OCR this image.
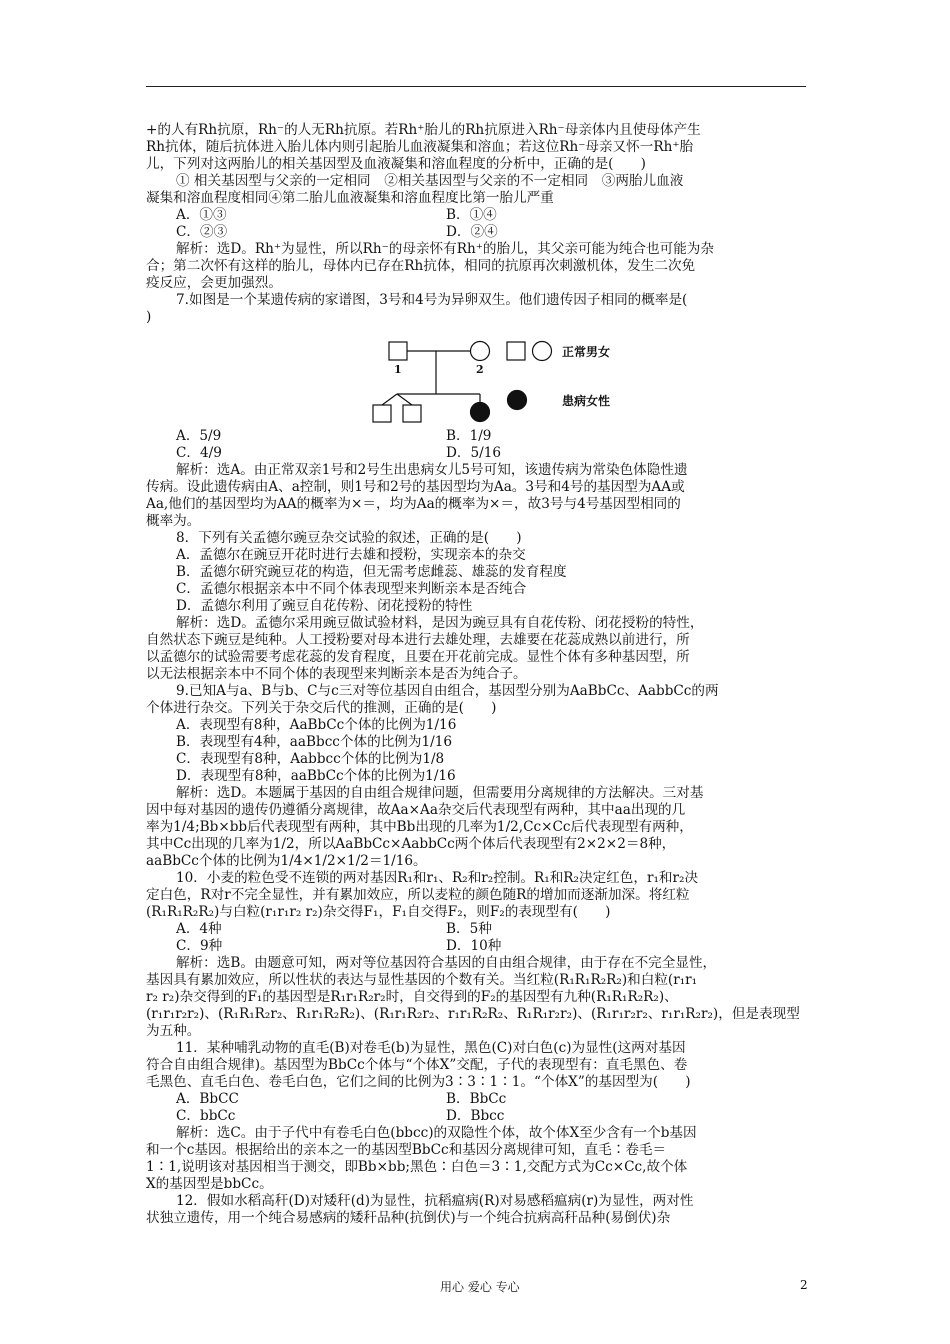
+的人有Rh抗原，Rh⁻的人无Rh抗原。若Rh⁺胎儿的Rh抗原进入Rh⁻母亲体内且使母体产生

Rh抗体，随后抗体进入胎儿体内则引起胎儿血液凝集和溶血；若这位Rh⁻母亲又怀一Rh⁺胎

儿，下列对这两胎儿的相关基因型及血液凝集和溶血程度的分析中，正确的是(　　)

① 相关基因型与父亲的一定相同　②相关基因型与父亲的不一定相同　③两胎儿血液

凝集和溶血程度相同④第二胎儿血液凝集和溶血程度比第一胎儿严重

A．①③	B．①④

C．②③	D．②④

解析：选D。Rh⁺为显性，所以Rh⁻的母亲怀有Rh⁺的胎儿，其父亲可能为纯合也可能为杂

合；第二次怀有这样的胎儿，母体内已存在Rh抗体，相同的抗原再次刺激机体，发生二次免

疫反应，会更加强烈。

7.如图是一个某遗传病的家谱图，3号和4号为异卵双生。他们遗传因子相同的概率是(

)

1	2
正常男女
患病女性

A．5/9	B．1/9

C．4/9	D．5/16

解析：选A。由正常双亲1号和2号生出患病女儿5号可知，该遗传病为常染色体隐性遗

传病。设此遗传病由A、a控制，则1号和2号的基因型均为Aa。3号和4号的基因型为AA或

Aa,他们的基因型均为AA的概率为×＝，均为Aa的概率为×＝，故3号与4号基因型相同的

概率为。

8．下列有关孟德尔豌豆杂交试验的叙述，正确的是(　　)

A．孟德尔在豌豆开花时进行去雄和授粉，实现亲本的杂交

B．孟德尔研究豌豆花的构造，但无需考虑雌蕊、雄蕊的发育程度

C．孟德尔根据亲本中不同个体表现型来判断亲本是否纯合

D．孟德尔利用了豌豆自花传粉、闭花授粉的特性

解析：选D。孟德尔采用豌豆做试验材料，是因为豌豆具有自花传粉、闭花授粉的特性，

自然状态下豌豆是纯种。人工授粉要对母本进行去雄处理，去雄要在花蕊成熟以前进行，所

以孟德尔的试验需要考虑花蕊的发育程度，且要在开花前完成。显性个体有多种基因型，所

以无法根据亲本中不同个体的表现型来判断亲本是否为纯合子。

9.已知A与a、B与b、C与c三对等位基因自由组合，基因型分别为AaBbCc、AabbCc的两

个体进行杂交。下列关于杂交后代的推测，正确的是(　　)

A．表现型有8种，AaBbCc个体的比例为1/16

B．表现型有4种，aaBbcc个体的比例为1/16

C．表现型有8种，Aabbcc个体的比例为1/8

D．表现型有8种，aaBbCc个体的比例为1/16

解析：选D。本题属于基因的自由组合规律问题，但需要用分离规律的方法解决。三对基

因中每对基因的遗传仍遵循分离规律，故Aa×Aa杂交后代表现型有两种，其中aa出现的几

率为1/4;Bb×bb后代表现型有两种，其中Bb出现的几率为1/2,Cc×Cc后代表现型有两种，

其中Cc出现的几率为1/2，所以AaBbCc×AabbCc两个体后代表现型有2×2×2＝8种，

aaBbCc个体的比例为1/4×1/2×1/2＝1/16。

10．小麦的粒色受不连锁的两对基因R₁和r₁、R₂和r₂控制。R₁和R₂决定红色，r₁和r₂决

定白色，R对r不完全显性，并有累加效应，所以麦粒的颜色随R的增加而逐渐加深。将红粒

(R₁R₁R₂R₂)与白粒(r₁r₁r₂ r₂)杂交得F₁，F₁自交得F₂，则F₂的表现型有(　　)

A．4种	B．5种

C．9种	D．10种

解析：选B。由题意可知，两对等位基因符合基因的自由组合规律，由于存在不完全显性，

基因具有累加效应，所以性状的表达与显性基因的个数有关。当红粒(R₁R₁R₂R₂)和白粒(r₁r₁

r₂ r₂)杂交得到的F₁的基因型是R₁r₁R₂r₂时，自交得到的F₂的基因型有九种(R₁R₁R₂R₂)、

(r₁r₁r₂r₂)、(R₁R₁R₂r₂、R₁r₁R₂R₂)、(R₁r₁R₂r₂、r₁r₁R₂R₂、R₁R₁r₂r₂)、(R₁r₁r₂r₂、r₁r₁R₂r₂)，但是表现型

为五种。

11．某种哺乳动物的直毛(B)对卷毛(b)为显性，黑色(C)对白色(c)为显性(这两对基因

符合自由组合规律)。基因型为BbCc个体与“个体X”交配，子代的表现型有：直毛黑色、卷

毛黑色、直毛白色、卷毛白色，它们之间的比例为3∶3∶1∶1。“个体X”的基因型为(　　)

A．BbCC	B．BbCc

C．bbCc	D．Bbcc

解析：选C。由于子代中有卷毛白色(bbcc)的双隐性个体，故个体X至少含有一个b基因

和一个c基因。根据给出的亲本之一的基因型BbCc和基因分离规律可知，直毛∶卷毛＝

1∶1,说明该对基因相当于测交，即Bb×bb;黑色∶白色＝3∶1,交配方式为Cc×Cc,故个体

X的基因型是bbCc。

12．假如水稻高秆(D)对矮秆(d)为显性，抗稻瘟病(R)对易感稻瘟病(r)为显性，两对性

状独立遗传，用一个纯合易感病的矮秆品种(抗倒伏)与一个纯合抗病高秆品种(易倒伏)杂

用心 爱心 专心	2
